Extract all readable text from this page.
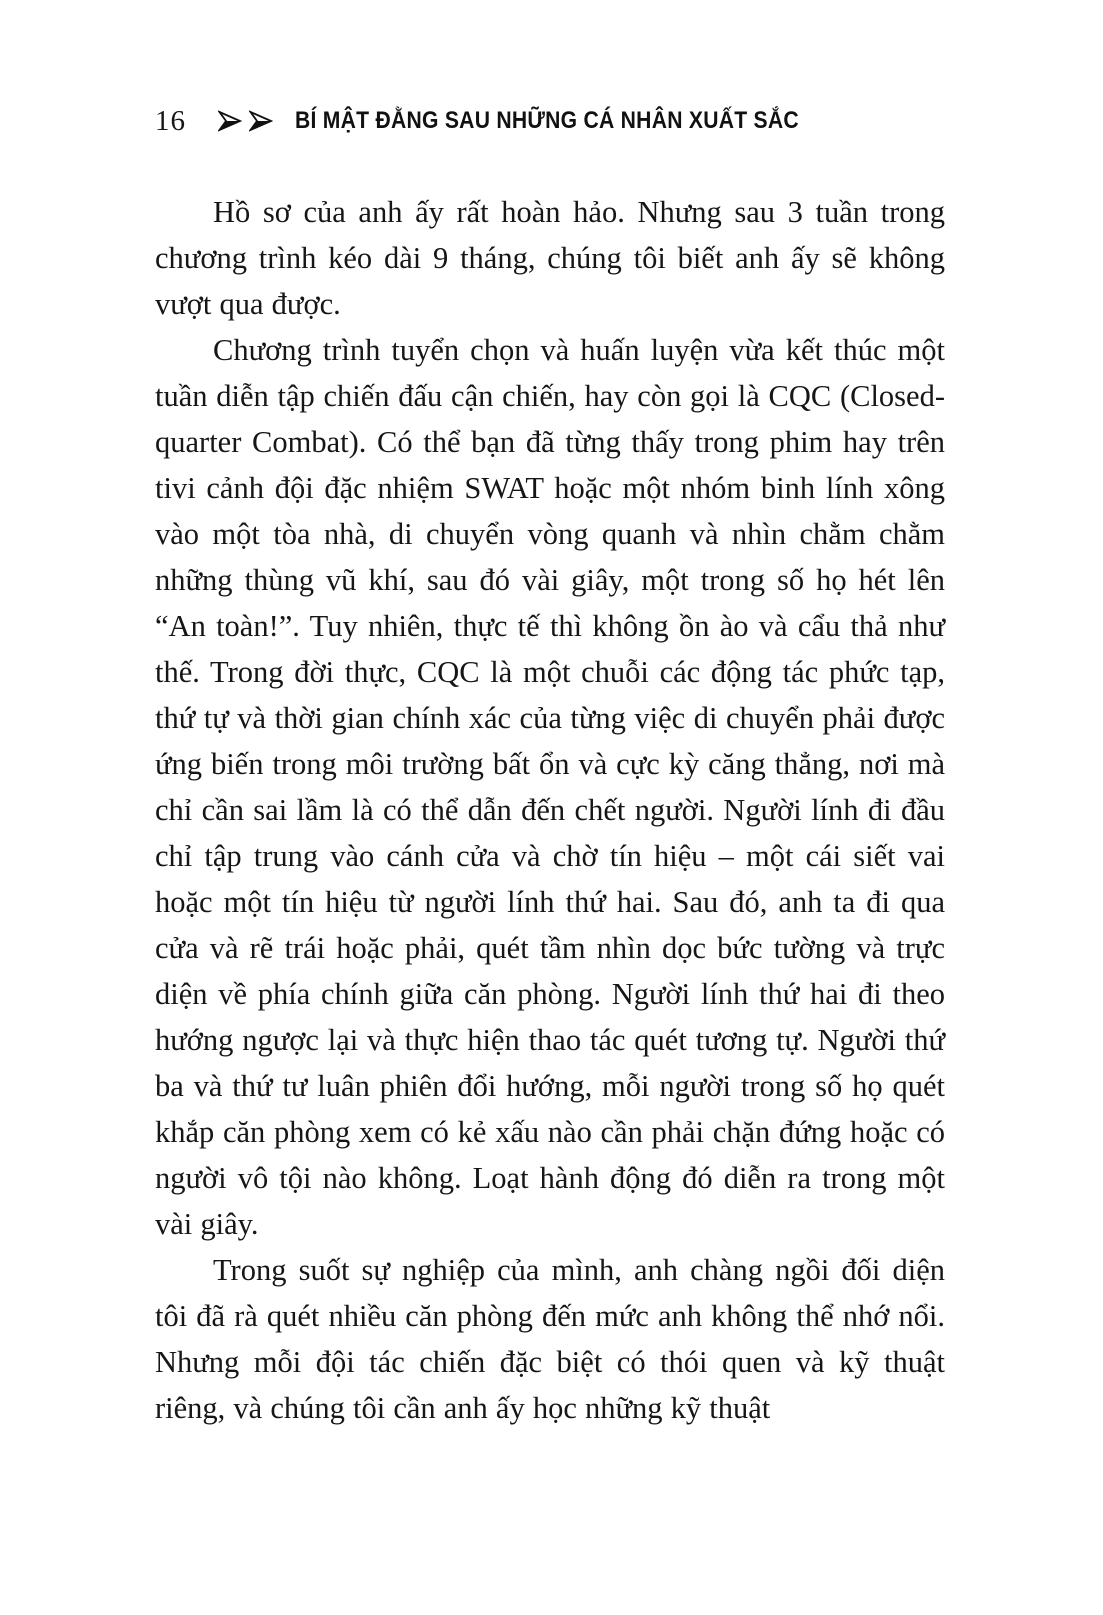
16	BÍ MẬT ĐẰNG SAU NHỮNG CÁ NHÂN XUẤT SẮC

Hồ sơ của anh ấy rất hoàn hảo. Nhưng sau 3 tuần trong chương trình kéo dài 9 tháng, chúng tôi biết anh ấy sẽ không vượt qua được.

Chương trình tuyển chọn và huấn luyện vừa kết thúc một tuần diễn tập chiến đấu cận chiến, hay còn gọi là CQC (Closed-quarter Combat). Có thể bạn đã từng thấy trong phim hay trên tivi cảnh đội đặc nhiệm SWAT hoặc một nhóm binh lính xông vào một tòa nhà, di chuyển vòng quanh và nhìn chằm chằm những thùng vũ khí, sau đó vài giây, một trong số họ hét lên “An toàn!”. Tuy nhiên, thực tế thì không ồn ào và cẩu thả như thế. Trong đời thực, CQC là một chuỗi các động tác phức tạp, thứ tự và thời gian chính xác của từng việc di chuyển phải được ứng biến trong môi trường bất ổn và cực kỳ căng thẳng, nơi mà chỉ cần sai lầm là có thể dẫn đến chết người. Người lính đi đầu chỉ tập trung vào cánh cửa và chờ tín hiệu – một cái siết vai hoặc một tín hiệu từ người lính thứ hai. Sau đó, anh ta đi qua cửa và rẽ trái hoặc phải, quét tầm nhìn dọc bức tường và trực diện về phía chính giữa căn phòng. Người lính thứ hai đi theo hướng ngược lại và thực hiện thao tác quét tương tự. Người thứ ba và thứ tư luân phiên đổi hướng, mỗi người trong số họ quét khắp căn phòng xem có kẻ xấu nào cần phải chặn đứng hoặc có người vô tội nào không. Loạt hành động đó diễn ra trong một vài giây.

Trong suốt sự nghiệp của mình, anh chàng ngồi đối diện tôi đã rà quét nhiều căn phòng đến mức anh không thể nhớ nổi. Nhưng mỗi đội tác chiến đặc biệt có thói quen và kỹ thuật riêng, và chúng tôi cần anh ấy học những kỹ thuật
